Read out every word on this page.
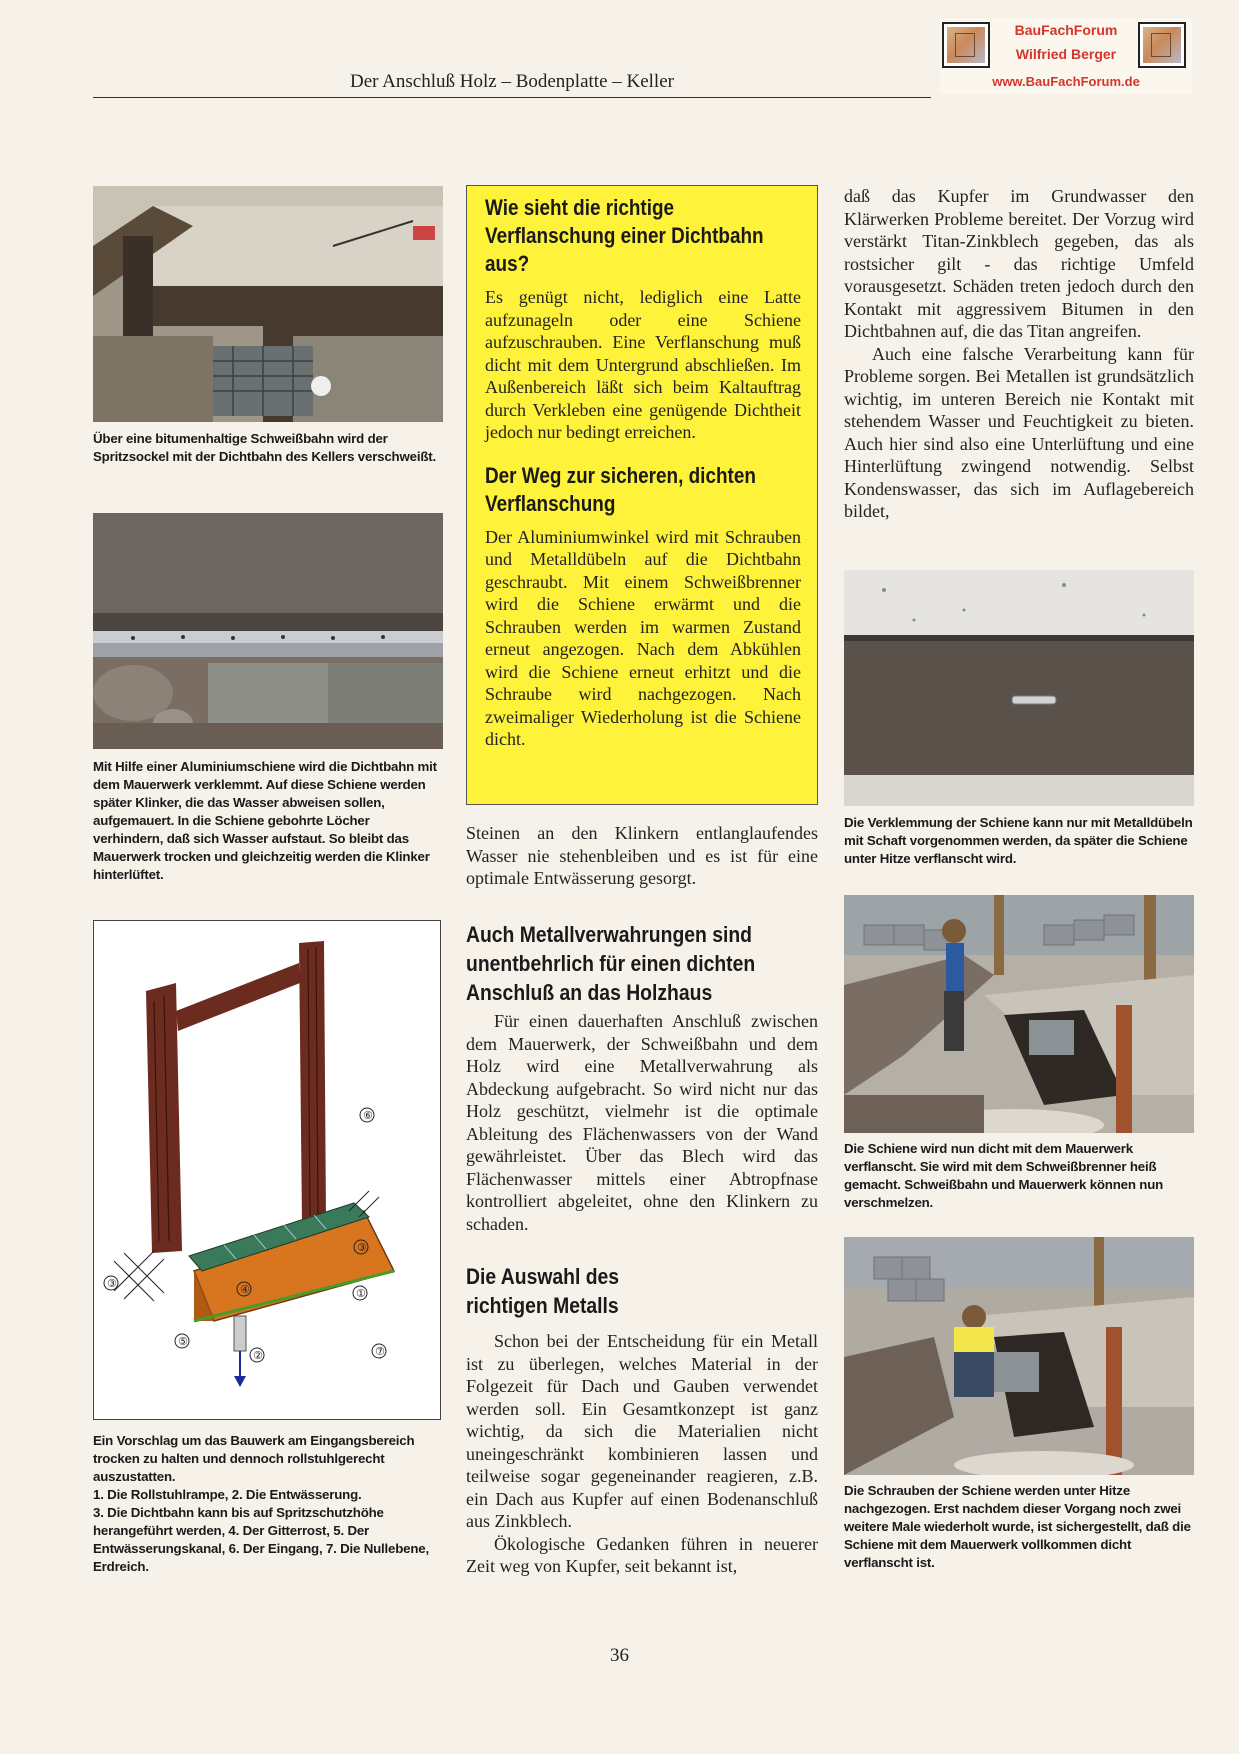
Der Anschluß Holz – Bodenplatte – Keller
BauFachForum
Wilfried Berger
www.BauFachForum.de

Über eine bitumenhaltige Schweißbahn wird der Spritzsockel mit der Dichtbahn des Kellers verschweißt.

Mit Hilfe einer Aluminiumschiene wird die Dichtbahn mit dem Mauerwerk verklemmt. Auf diese Schiene werden später Klinker, die das Wasser abweisen sollen, aufgemauert. In die Schiene gebohrte Löcher verhindern, daß sich Wasser aufstaut. So bleibt das Mauerwerk trocken und gleichzeitig werden die Klinker hinterlüftet.

⑥
③
④	①
⑦
③
⑤
②

Ein Vorschlag um das Bauwerk am Eingangsbereich trocken zu halten und dennoch rollstuhlgerecht auszustatten.

1. Die Rollstuhlrampe, 2. Die Entwässerung.

3. Die Dichtbahn kann bis auf Spritzschutzhöhe herangeführt werden, 4. Der Gitterrost, 5. Der Entwässerungskanal, 6. Der Eingang, 7. Die Nullebene, Erdreich.

Wie sieht die richtige Verflanschung einer Dichtbahn aus?
Es genügt nicht, lediglich eine Latte aufzunageln oder eine Schiene aufzuschrauben. Eine Verflanschung muß dicht mit dem Untergrund abschließen. Im Außenbereich läßt sich beim Kaltauftrag durch Verkleben eine genügende Dichtheit jedoch nur bedingt erreichen.
Der Weg zur sicheren, dichten Verflanschung
Der Aluminiumwinkel wird mit Schrauben und Metalldübeln auf die Dichtbahn geschraubt. Mit einem Schweißbrenner wird die Schiene erwärmt und die Schrauben werden im warmen Zustand erneut angezogen. Nach dem Abkühlen wird die Schiene erneut erhitzt und die Schraube wird nachgezogen. Nach zweimaliger Wiederholung ist die Schiene dicht.

Steinen an den Klinkern entlanglaufendes Wasser nie stehenbleiben und es ist für eine optimale Entwässerung gesorgt.

Auch Metallverwahrungen sind unentbehrlich für einen dichten Anschluß an das Holzhaus

Für einen dauerhaften Anschluß zwischen dem Mauerwerk, der Schweißbahn und dem Holz wird eine Metallverwahrung als Abdeckung aufgebracht. So wird nicht nur das Holz geschützt, vielmehr ist die optimale Ableitung des Flächenwassers von der Wand gewährleistet. Über das Blech wird das Flächenwasser mittels einer Abtropfnase kontrolliert abgeleitet, ohne den Klinkern zu schaden.

Die Auswahl des richtigen Metalls

Schon bei der Entscheidung für ein Metall ist zu überlegen, welches Material in der Folgezeit für Dach und Gauben verwendet werden soll. Ein Gesamtkonzept ist ganz wichtig, da sich die Materialien nicht uneingeschränkt kombinieren lassen und teilweise sogar gegeneinander reagieren, z.B. ein Dach aus Kupfer auf einen Bodenanschluß aus Zinkblech.

Ökologische Gedanken führen in neuerer Zeit weg von Kupfer, seit bekannt ist,

daß das Kupfer im Grundwasser den Klärwerken Probleme bereitet. Der Vorzug wird verstärkt Titan-Zinkblech gegeben, das als rostsicher gilt - das richtige Umfeld vorausgesetzt. Schäden treten jedoch durch den Kontakt mit aggressivem Bitumen in den Dichtbahnen auf, die das Titan angreifen.

Auch eine falsche Verarbeitung kann für Probleme sorgen. Bei Metallen ist grundsätzlich wichtig, im unteren Bereich nie Kontakt mit stehendem Wasser und Feuchtigkeit zu bieten. Auch hier sind also eine Unterlüftung und eine Hinterlüftung zwingend notwendig. Selbst Kondenswasser, das sich im Auflagebereich bildet,

Die Verklemmung der Schiene kann nur mit Metalldübeln mit Schaft vorgenommen werden, da später die Schiene unter Hitze verflanscht wird.

Die Schiene wird nun dicht mit dem Mauerwerk verflanscht. Sie wird mit dem Schweißbrenner heiß gemacht. Schweißbahn und Mauerwerk können nun verschmelzen.

Die Schrauben der Schiene werden unter Hitze nachgezogen. Erst nachdem dieser Vorgang noch zwei weitere Male wiederholt wurde, ist sichergestellt, daß die Schiene mit dem Mauerwerk vollkommen dicht verflanscht ist.

36
